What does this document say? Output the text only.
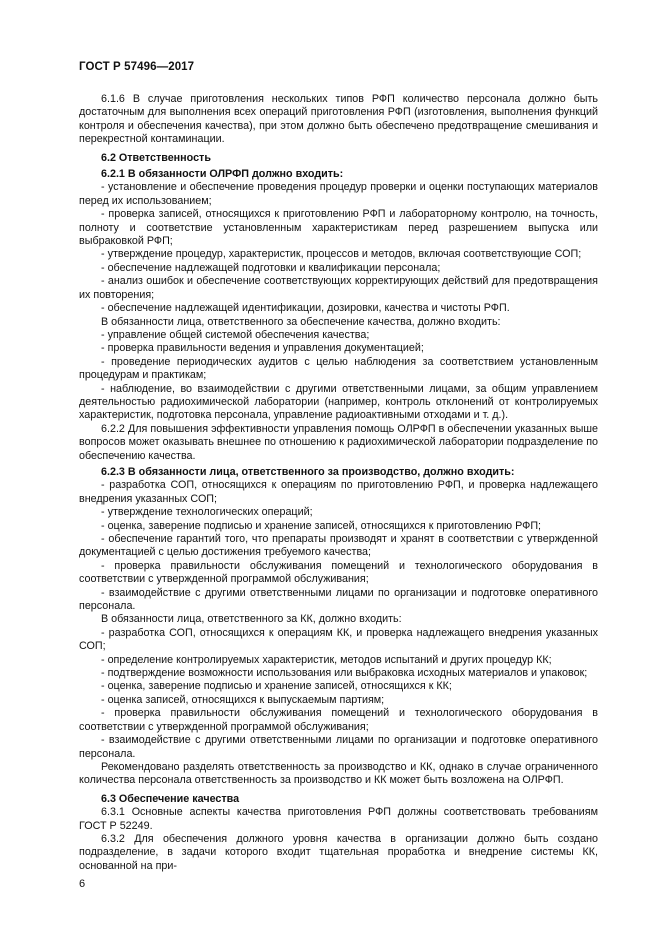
ГОСТ Р 57496—2017

6.1.6 В случае приготовления нескольких типов РФП количество персонала должно быть достаточным для выполнения всех операций приготовления РФП (изготовления, выполнения функций контроля и обеспечения качества), при этом должно быть обеспечено предотвращение смешивания и перекрестной контаминации.

6.2 Ответственность

6.2.1 В обязанности ОЛРФП должно входить:

- установление и обеспечение проведения процедур проверки и оценки поступающих материалов перед их использованием;

- проверка записей, относящихся к приготовлению РФП и лабораторному контролю, на точность, полноту и соответствие установленным характеристикам перед разрешением выпуска или выбраковкой РФП;

- утверждение процедур, характеристик, процессов и методов, включая соответствующие СОП;

- обеспечение надлежащей подготовки и квалификации персонала;

- анализ ошибок и обеспечение соответствующих корректирующих действий для предотвращения их повторения;

- обеспечение надлежащей идентификации, дозировки, качества и чистоты РФП.

В обязанности лица, ответственного за обеспечение качества, должно входить:

- управление общей системой обеспечения качества;

- проверка правильности ведения и управления документацией;

- проведение периодических аудитов с целью наблюдения за соответствием установленным процедурам и практикам;

- наблюдение, во взаимодействии с другими ответственными лицами, за общим управлением деятельностью радиохимической лаборатории (например, контроль отклонений от контролируемых характеристик, подготовка персонала, управление радиоактивными отходами и т. д.).

6.2.2 Для повышения эффективности управления помощь ОЛРФП в обеспечении указанных выше вопросов может оказывать внешнее по отношению к радиохимической лаборатории подразделение по обеспечению качества.

6.2.3 В обязанности лица, ответственного за производство, должно входить:

- разработка СОП, относящихся к операциям по приготовлению РФП, и проверка надлежащего внедрения указанных СОП;

- утверждение технологических операций;

- оценка, заверение подписью и хранение записей, относящихся к приготовлению РФП;

- обеспечение гарантий того, что препараты производят и хранят в соответствии с утвержденной документацией с целью достижения требуемого качества;

- проверка правильности обслуживания помещений и технологического оборудования в соответствии с утвержденной программой обслуживания;

- взаимодействие с другими ответственными лицами по организации и подготовке оперативного персонала.

В обязанности лица, ответственного за КК, должно входить:

- разработка СОП, относящихся к операциям КК, и проверка надлежащего внедрения указанных СОП;

- определение контролируемых характеристик, методов испытаний и других процедур КК;

- подтверждение возможности использования или выбраковка исходных материалов и упаковок;

- оценка, заверение подписью и хранение записей, относящихся к КК;

- оценка записей, относящихся к выпускаемым партиям;

- проверка правильности обслуживания помещений и технологического оборудования в соответствии с утвержденной программой обслуживания;

- взаимодействие с другими ответственными лицами по организации и подготовке оперативного персонала.

Рекомендовано разделять ответственность за производство и КК, однако в случае ограниченного количества персонала ответственность за производство и КК может быть возложена на ОЛРФП.

6.3 Обеспечение качества

6.3.1 Основные аспекты качества приготовления РФП должны соответствовать требованиям ГОСТ Р 52249.

6.3.2 Для обеспечения должного уровня качества в организации должно быть создано подразделение, в задачи которого входит тщательная проработка и внедрение системы КК, основанной на при-

6
